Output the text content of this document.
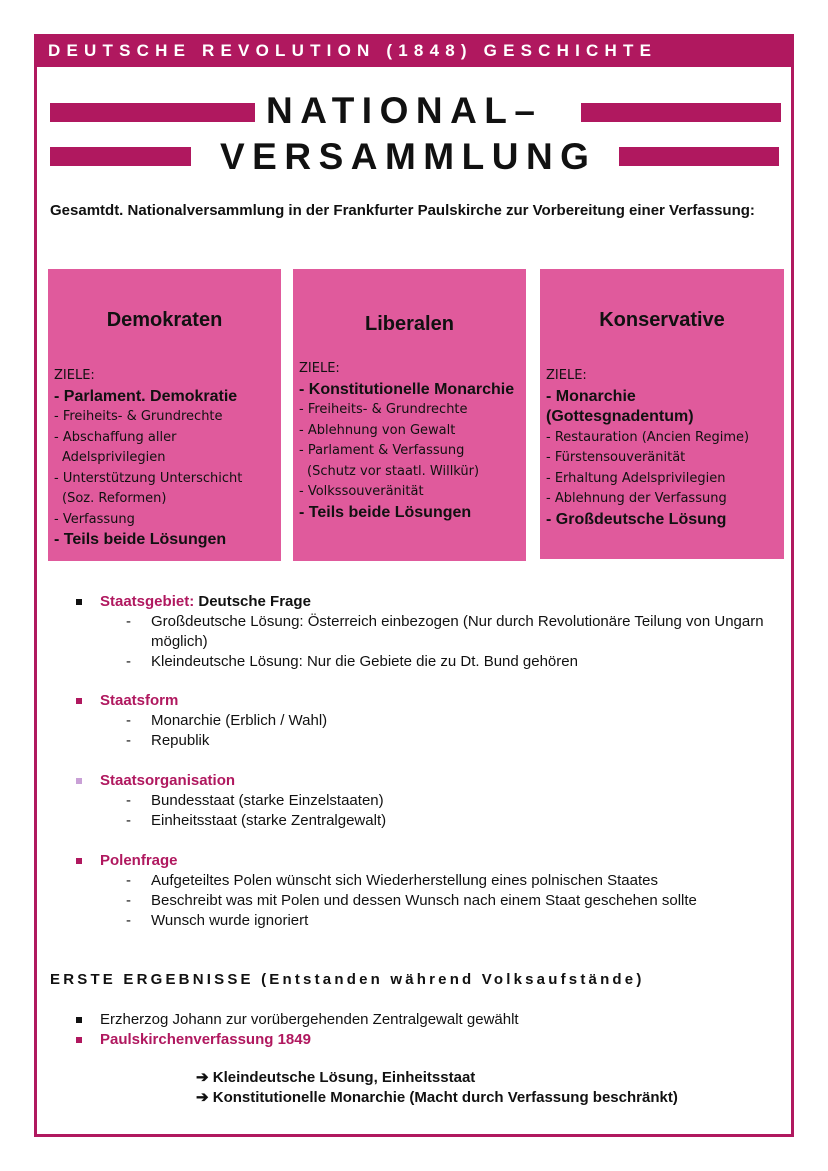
DEUTSCHE REVOLUTION (1848) GESCHICHTE
NATIONAL–
VERSAMMLUNG
Gesamtdt. Nationalversammlung in der Frankfurter Paulskirche zur Vorbereitung einer Verfassung:
Demokraten
ZIELE:
- Parlament. Demokratie
- Freiheits- & Grundrechte
- Abschaffung aller
Adelsprivilegien
- Unterstützung Unterschicht
(Soz. Reformen)
- Verfassung
- Teils beide Lösungen
Liberalen
ZIELE:
- Konstitutionelle Monarchie
- Freiheits- & Grundrechte
- Ablehnung von Gewalt
- Parlament & Verfassung
(Schutz vor staatl. Willkür)
- Volkssouveränität
- Teils beide Lösungen
Konservative
ZIELE:
- Monarchie
(Gottesgnadentum)
- Restauration (Ancien Regime)
- Fürstensouveränität
- Erhaltung Adelsprivilegien
- Ablehnung der Verfassung
- Großdeutsche Lösung
Staatsgebiet: Deutsche Frage
- Großdeutsche Lösung: Österreich einbezogen (Nur durch Revolutionäre Teilung von Ungarn möglich)
- Kleindeutsche Lösung: Nur die Gebiete die zu Dt. Bund gehören
Staatsform
- Monarchie (Erblich / Wahl)
- Republik
Staatsorganisation
- Bundesstaat (starke Einzelstaaten)
- Einheitsstaat (starke Zentralgewalt)
Polenfrage
- Aufgeteiltes Polen wünscht sich Wiederherstellung eines polnischen Staates
- Beschreibt was mit Polen und dessen Wunsch nach einem Staat geschehen sollte
- Wunsch wurde ignoriert
ERSTE ERGEBNISSE (Entstanden während Volksaufstände)
Erzherzog Johann zur vorübergehenden Zentralgewalt gewählt
Paulskirchenverfassung 1849
➔ Kleindeutsche Lösung, Einheitsstaat
➔ Konstitutionelle Monarchie (Macht durch Verfassung beschränkt)
